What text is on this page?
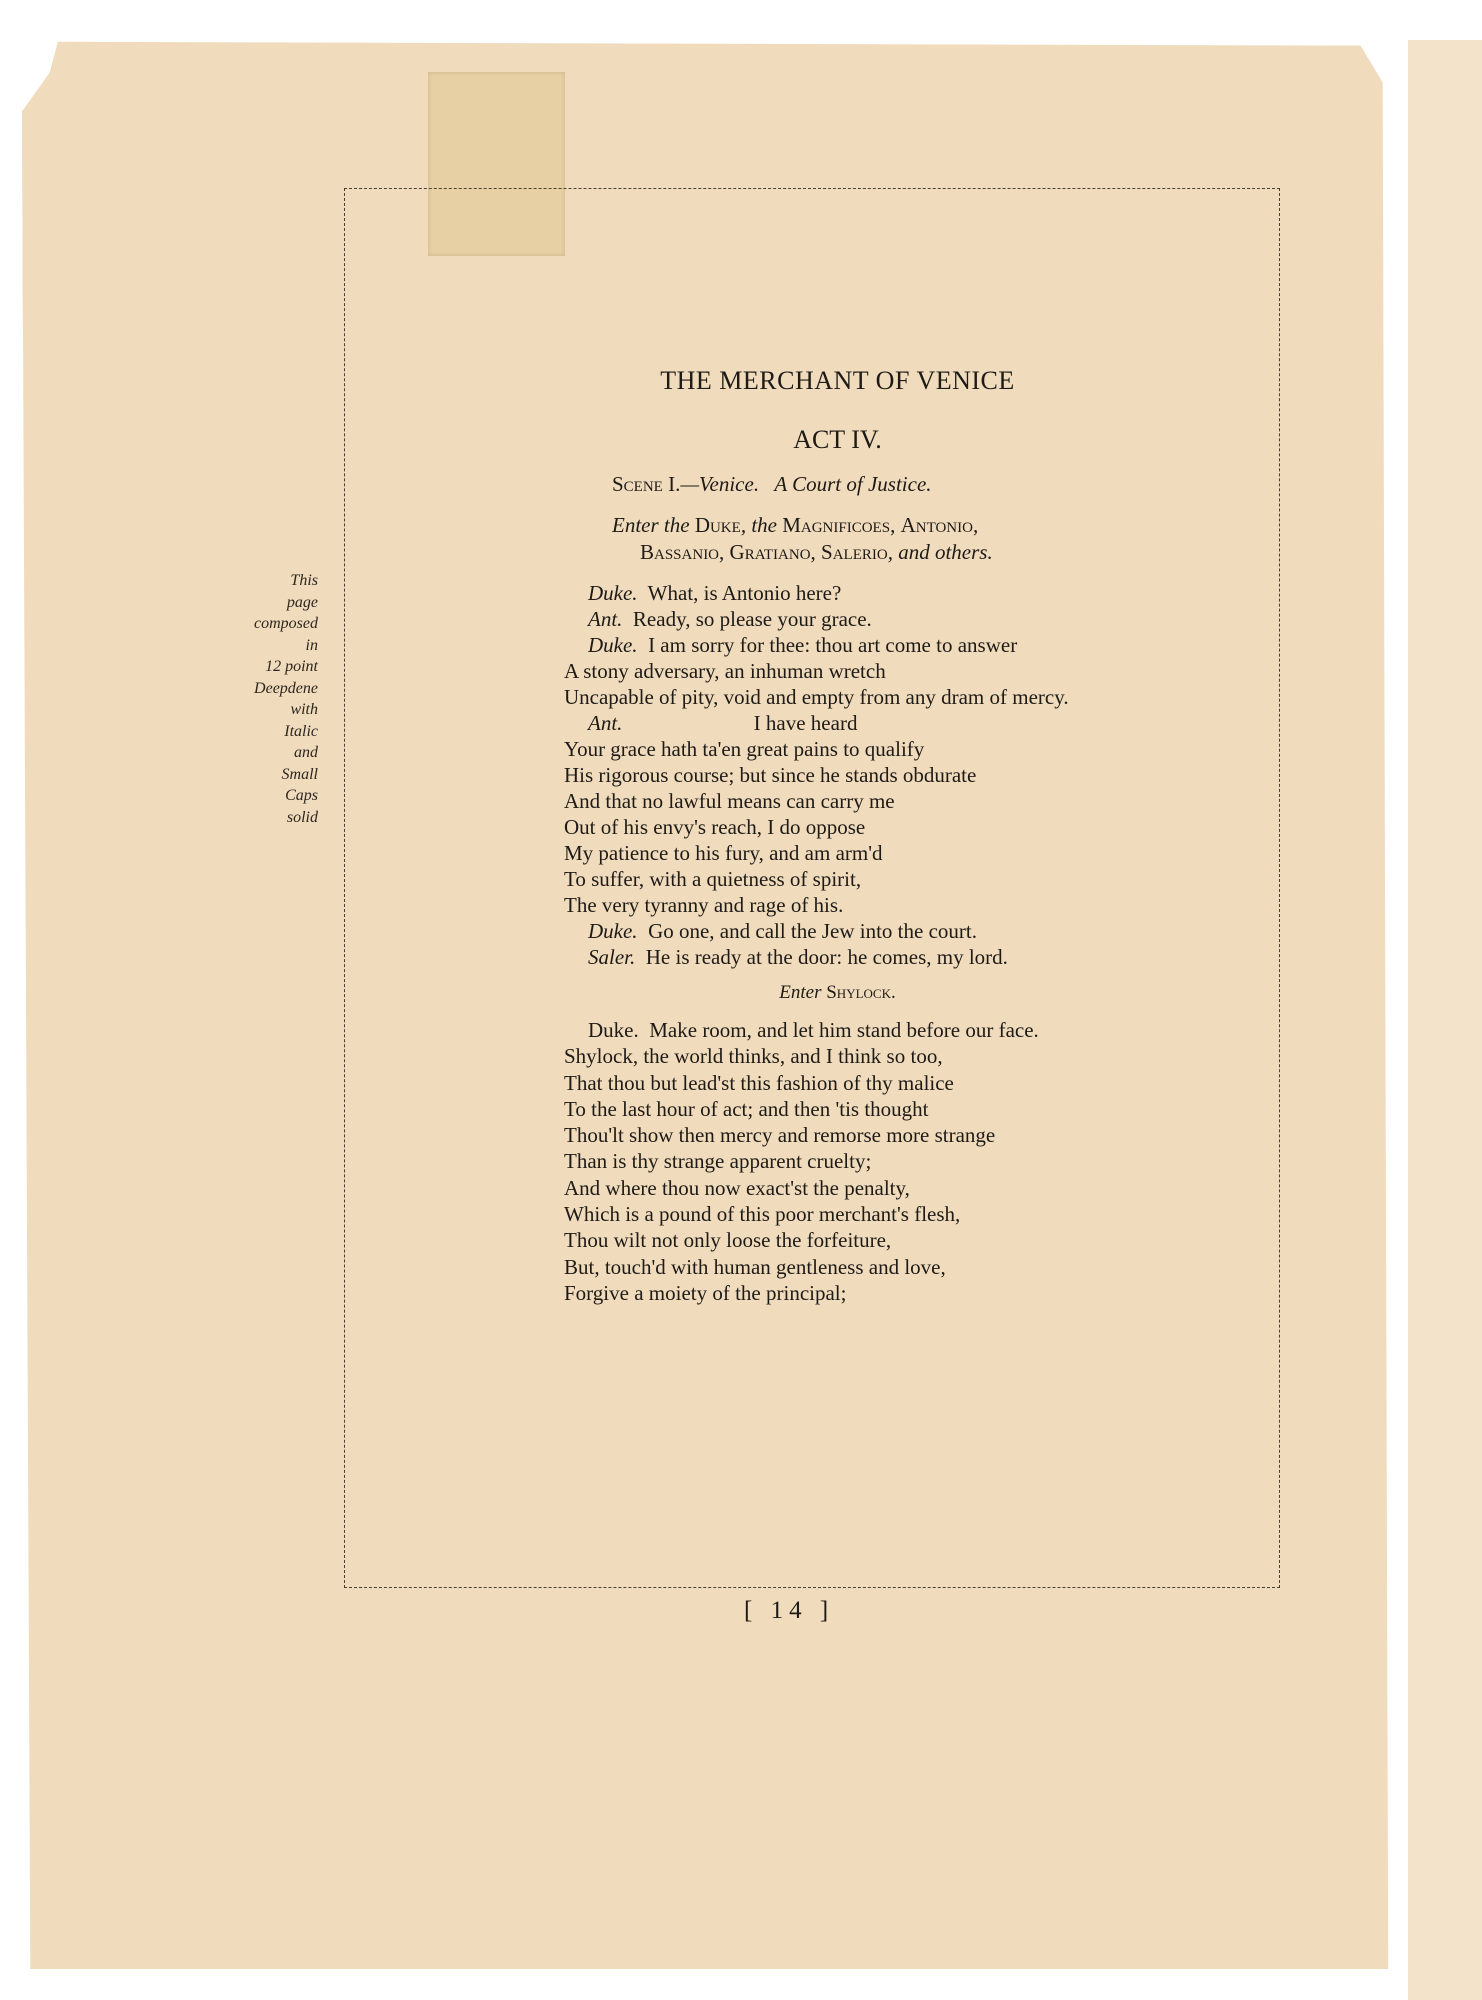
This
page
composed
in
12 point
Deepdene
with
Italic
and
Small
Caps
solid
THE MERCHANT OF VENICE
ACT IV.
Scene I.—Venice.   A Court of Justice.
Enter the Duke, the Magnificoes, Antonio,
Bassanio, Gratiano, Salerio, and others.
Duke.  What, is Antonio here?
Ant.  Ready, so please your grace.
Duke.  I am sorry for thee: thou art come to answer
A stony adversary, an inhuman wretch
Uncapable of pity, void and empty from any dram of mercy.
Ant.                         I have heard
Your grace hath ta'en great pains to qualify
His rigorous course; but since he stands obdurate
And that no lawful means can carry me
Out of his envy's reach, I do oppose
My patience to his fury, and am arm'd
To suffer, with a quietness of spirit,
The very tyranny and rage of his.
Duke.  Go one, and call the Jew into the court.
Saler.  He is ready at the door: he comes, my lord.
Enter Shylock.
Duke.  Make room, and let him stand before our face.
Shylock, the world thinks, and I think so too,
That thou but lead'st this fashion of thy malice
To the last hour of act; and then 'tis thought
Thou'lt show then mercy and remorse more strange
Than is thy strange apparent cruelty;
And where thou now exact'st the penalty,
Which is a pound of this poor merchant's flesh,
Thou wilt not only loose the forfeiture,
But, touch'd with human gentleness and love,
Forgive a moiety of the principal;
[ 14 ]
